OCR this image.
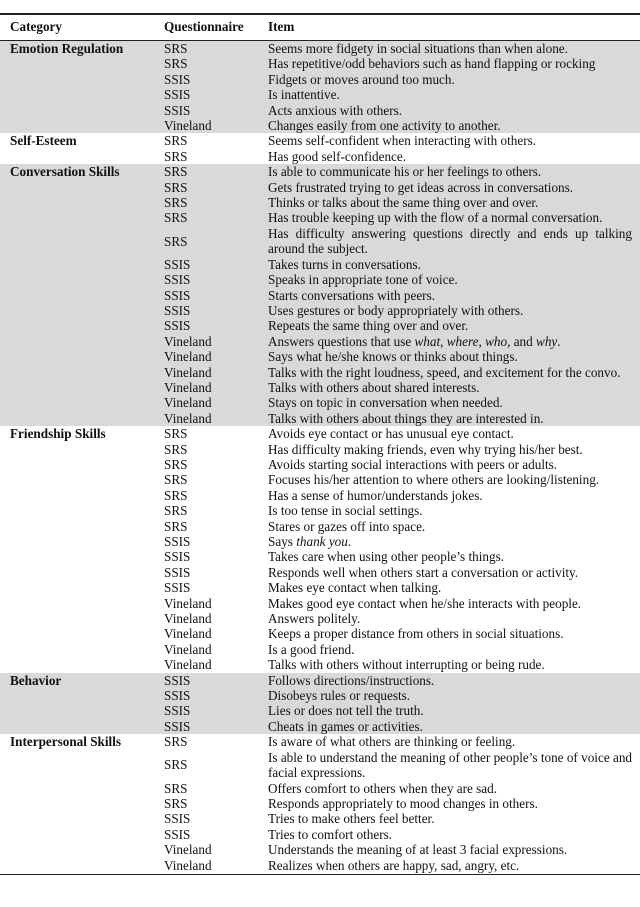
Category	Questionnaire	Item
Emotion Regulation	SRS	Seems more fidgety in social situations than when alone.
	SRS	Has repetitive/odd behaviors such as hand flapping or rocking
	SSIS	Fidgets or moves around too much.
	SSIS	Is inattentive.
	SSIS	Acts anxious with others.
	Vineland	Changes easily from one activity to another.
Self-Esteem	SRS	Seems self-confident when interacting with others.
	SRS	Has good self-confidence.
Conversation Skills	SRS	Is able to communicate his or her feelings to others.
	SRS	Gets frustrated trying to get ideas across in conversations.
	SRS	Thinks or talks about the same thing over and over.
	SRS	Has trouble keeping up with the flow of a normal conversation.
	SRS	Has difficulty answering questions directly and ends up talking around the subject.
	SSIS	Takes turns in conversations.
	SSIS	Speaks in appropriate tone of voice.
	SSIS	Starts conversations with peers.
	SSIS	Uses gestures or body appropriately with others.
	SSIS	Repeats the same thing over and over.
	Vineland	Answers questions that use what, where, who, and why.
	Vineland	Says what he/she knows or thinks about things.
	Vineland	Talks with the right loudness, speed, and excitement for the convo.
	Vineland	Talks with others about shared interests.
	Vineland	Stays on topic in conversation when needed.
	Vineland	Talks with others about things they are interested in.
Friendship Skills	SRS	Avoids eye contact or has unusual eye contact.
	SRS	Has difficulty making friends, even why trying his/her best.
	SRS	Avoids starting social interactions with peers or adults.
	SRS	Focuses his/her attention to where others are looking/listening.
	SRS	Has a sense of humor/understands jokes.
	SRS	Is too tense in social settings.
	SRS	Stares or gazes off into space.
	SSIS	Says thank you.
	SSIS	Takes care when using other people’s things.
	SSIS	Responds well when others start a conversation or activity.
	SSIS	Makes eye contact when talking.
	Vineland	Makes good eye contact when he/she interacts with people.
	Vineland	Answers politely.
	Vineland	Keeps a proper distance from others in social situations.
	Vineland	Is a good friend.
	Vineland	Talks with others without interrupting or being rude.
Behavior	SSIS	Follows directions/instructions.
	SSIS	Disobeys rules or requests.
	SSIS	Lies or does not tell the truth.
	SSIS	Cheats in games or activities.
Interpersonal Skills	SRS	Is aware of what others are thinking or feeling.
	SRS	Is able to understand the meaning of other people’s tone of voice and facial expressions.
	SRS	Offers comfort to others when they are sad.
	SRS	Responds appropriately to mood changes in others.
	SSIS	Tries to make others feel better.
	SSIS	Tries to comfort others.
	Vineland	Understands the meaning of at least 3 facial expressions.
	Vineland	Realizes when others are happy, sad, angry, etc.
